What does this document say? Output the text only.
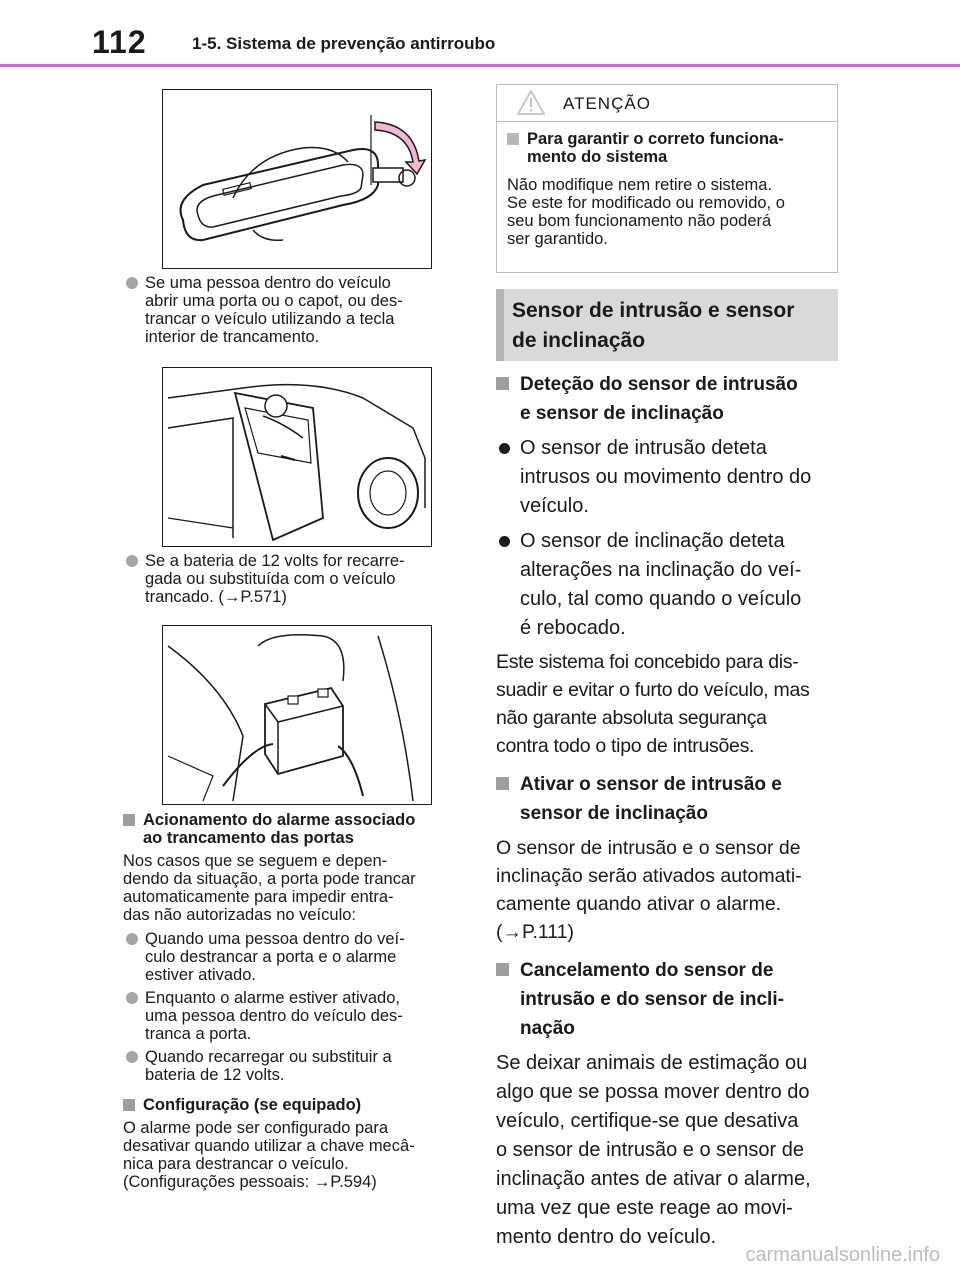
112	1-5. Sistema de prevenção antirroubo
Se uma pessoa dentro do veículo
abrir uma porta ou o capot, ou des-
trancar o veículo utilizando a tecla
interior de trancamento.
Se a bateria de 12 volts for recarre-
gada ou substituída com o veículo
trancado. (→P.571)
Acionamento do alarme associado
ao trancamento das portas
Nos casos que se seguem e depen-
dendo da situação, a porta pode trancar
automaticamente para impedir entra-
das não autorizadas no veículo:
Quando uma pessoa dentro do veí-
culo destrancar a porta e o alarme
estiver ativado.
Enquanto o alarme estiver ativado,
uma pessoa dentro do veículo des-
tranca a porta.
Quando recarregar ou substituir a
bateria de 12 volts.
Configuração (se equipado)
O alarme pode ser configurado para
desativar quando utilizar a chave mecâ-
nica para destrancar o veículo.
(Configurações pessoais: →P.594)
ATENÇÃO
Para garantir o correto funciona-
mento do sistema
Não modifique nem retire o sistema.
Se este for modificado ou removido, o
seu bom funcionamento não poderá
ser garantido.
Sensor de intrusão e sensor
de inclinação
Deteção do sensor de intrusão
e sensor de inclinação
O sensor de intrusão deteta
intrusos ou movimento dentro do
veículo.
O sensor de inclinação deteta
alterações na inclinação do veí-
culo, tal como quando o veículo
é rebocado.
Este sistema foi concebido para dis-
suadir e evitar o furto do veículo, mas
não garante absoluta segurança
contra todo o tipo de intrusões.
Ativar o sensor de intrusão e
sensor de inclinação
O sensor de intrusão e o sensor de
inclinação serão ativados automati-
camente quando ativar o alarme.
(→P.111)
Cancelamento do sensor de
intrusão e do sensor de incli-
nação
Se deixar animais de estimação ou
algo que se possa mover dentro do
veículo, certifique-se que desativa
o sensor de intrusão e o sensor de
inclinação antes de ativar o alarme,
uma vez que este reage ao movi-
mento dentro do veículo.
carmanualsonline.info
